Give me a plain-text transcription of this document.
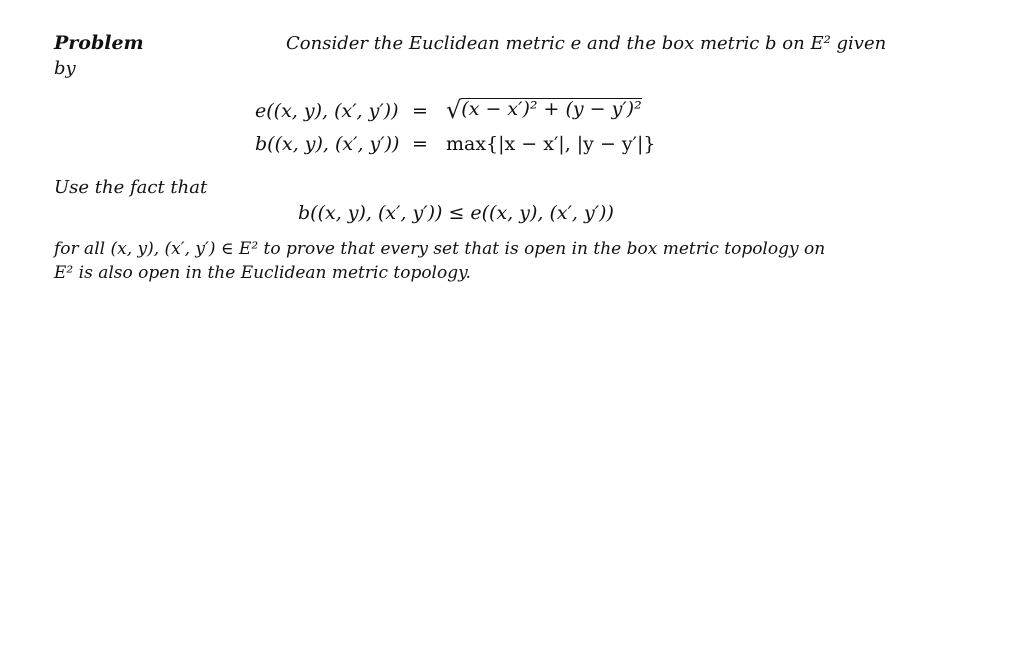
Problem	Consider the Euclidean metric e and the box metric b on E² given
by
e((x, y), (x′, y′)) = √(x − x′)² + (y − y′)²
b((x, y), (x′, y′)) = max{|x − x′|, |y − y′|}
Use the fact that
b((x, y), (x′, y′)) ≤ e((x, y), (x′, y′))
for all (x, y), (x′, y′) ∈ E² to prove that every set that is open in the box metric topology on
E² is also open in the Euclidean metric topology.
